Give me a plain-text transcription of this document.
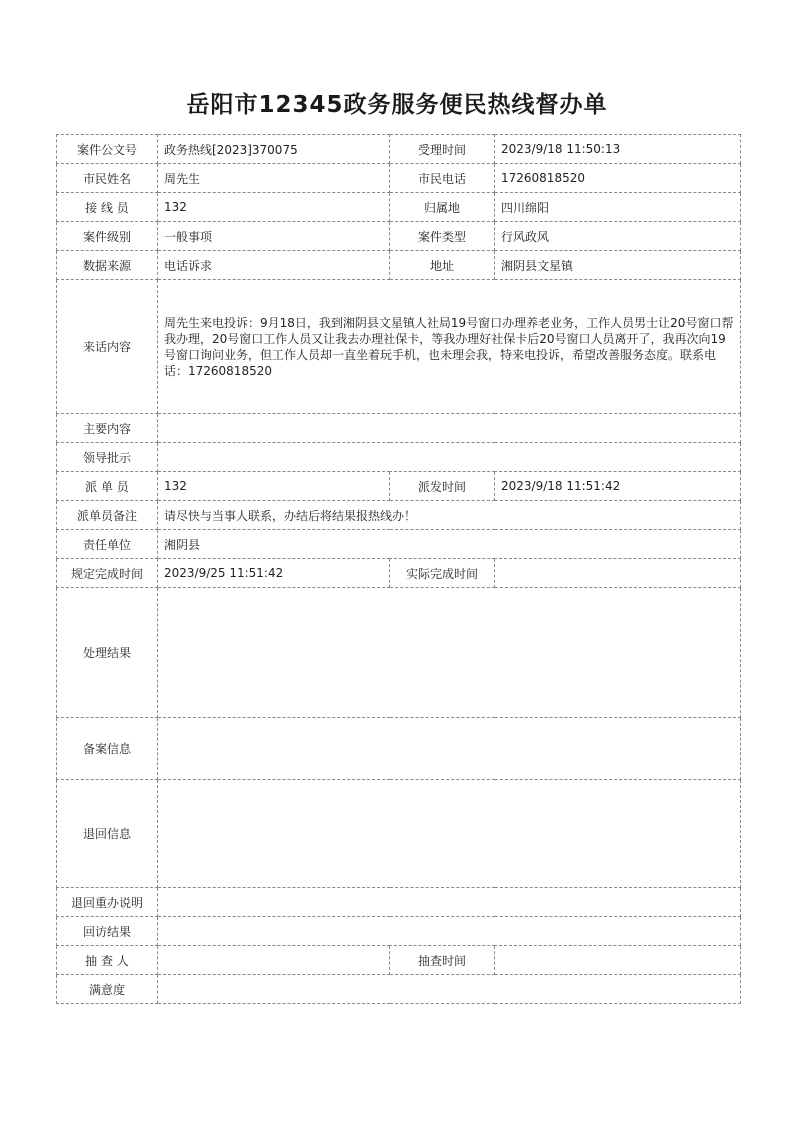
岳阳市12345政务服务便民热线督办单
案件公文号	政务热线[2023]370075	受理时间	2023/9/18 11:50:13
市民姓名	周先生	市民电话	17260818520
接 线 员	132	归属地	四川绵阳
案件级别	一般事项	案件类型	行风政风
数据来源	电话诉求	地址	湘阴县文星镇
来话内容	周先生来电投诉：9月18日，我到湘阴县文星镇人社局19号窗口办理养老业务，工作人员男士让20号窗口帮我办理，20号窗口工作人员又让我去办理社保卡，等我办理好社保卡后20号窗口人员离开了，我再次向19号窗口询问业务，但工作人员却一直坐着玩手机，也未理会我，特来电投诉，希望改善服务态度。联系电话：17260818520		
主要内容			
领导批示			
派 单 员	132	派发时间	2023/9/18 11:51:42
派单员备注	请尽快与当事人联系，办结后将结果报热线办！		
责任单位	湘阴县		
规定完成时间	2023/9/25 11:51:42	实际完成时间	
处理结果			
备案信息			
退回信息			
退回重办说明			
回访结果			
抽 查 人		抽查时间	
满意度			
